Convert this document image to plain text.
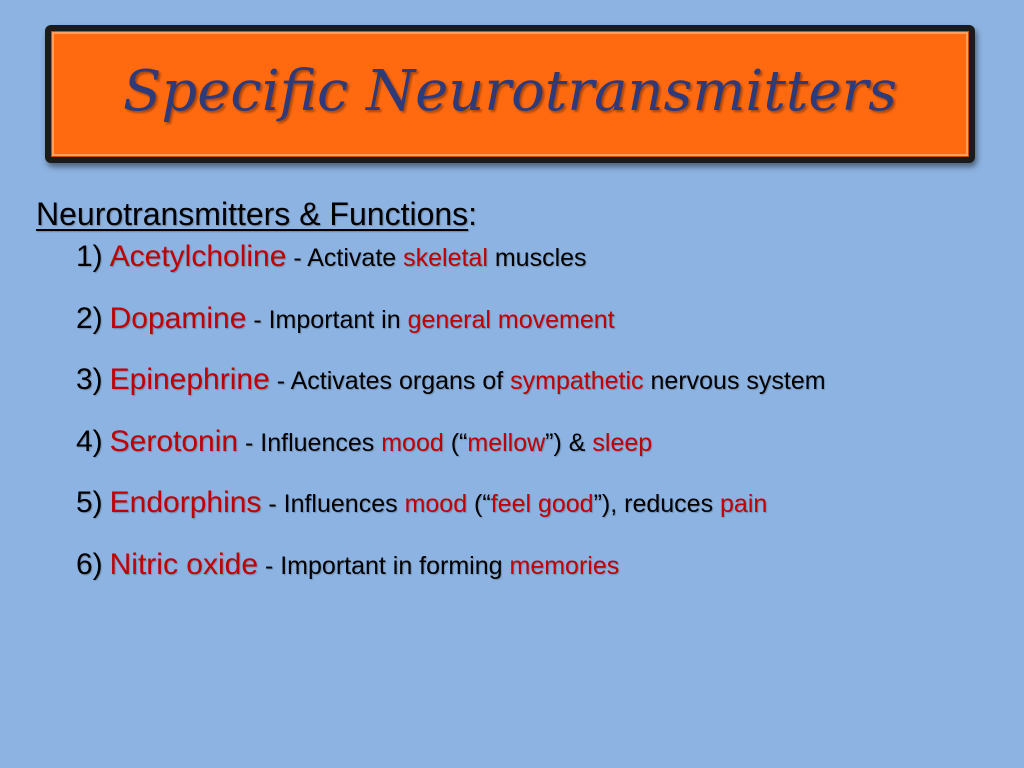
Specific Neurotransmitters
Neurotransmitters & Functions:
1) Acetylcholine - Activate skeletal muscles
2) Dopamine - Important in general movement
3) Epinephrine - Activates organs of sympathetic nervous system
4) Serotonin - Influences mood (“mellow”) & sleep
5) Endorphins - Influences mood (“feel good”), reduces pain
6) Nitric oxide - Important in forming memories
